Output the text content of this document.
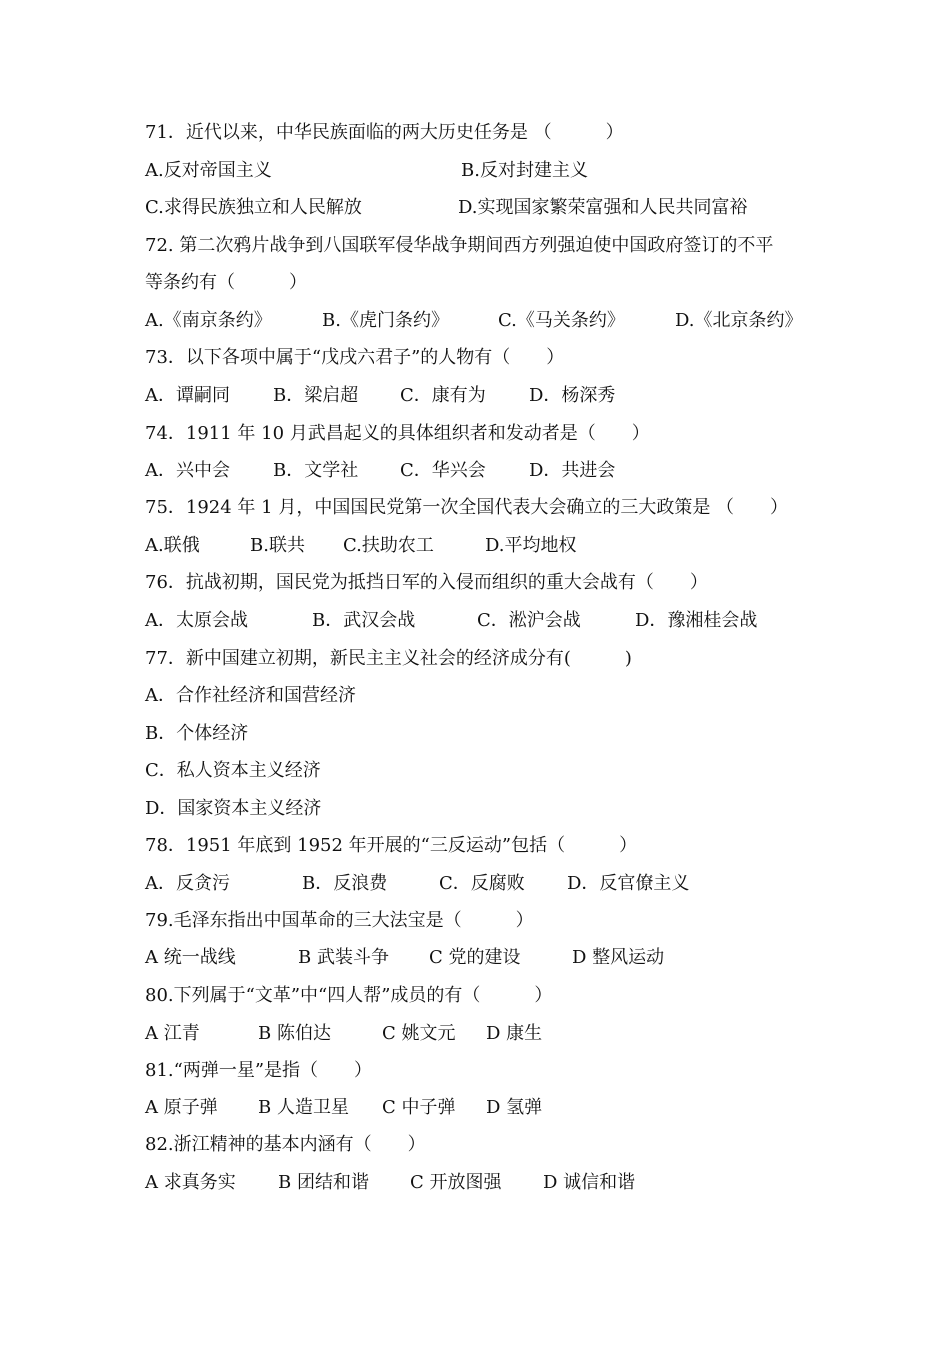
71．近代以来，中华民族面临的两大历史任务是 （　　　）
A.反对帝国主义	B.反对封建主义
C.求得民族独立和人民解放	D.实现国家繁荣富强和人民共同富裕
72. 第二次鸦片战争到八国联军侵华战争期间西方列强迫使中国政府签订的不平
等条约有（　　　）
A.《南京条约》	B.《虎门条约》	C.《马关条约》	D.《北京条约》
73．以下各项中属于“戊戌六君子”的人物有（　　）
A．谭嗣同 B．梁启超 C．康有为 D．杨深秀
74．1911 年 10 月武昌起义的具体组织者和发动者是（　　）
A．兴中会 B．文学社 C．华兴会 D．共进会
75．1924 年 1 月，中国国民党第一次全国代表大会确立的三大政策是 （　　）
A.联俄	B.联共 C.扶助农工	D.平均地权
76．抗战初期，国民党为抵挡日军的入侵而组织的重大会战有（　　）
A．太原会战	B．武汉会战	C．淞沪会战	D．豫湘桂会战
77．新中国建立初期，新民主主义社会的经济成分有(　　　)
A．合作社经济和国营经济
B．个体经济
C．私人资本主义经济
D．国家资本主义经济
78．1951 年底到 1952 年开展的“三反运动”包括（　　　）
A．反贪污	B．反浪费	C．反腐败 D．反官僚主义
79.毛泽东指出中国革命的三大法宝是（　　　）
A 统一战线	B 武装斗争 C 党的建设	D 整风运动
80.下列属于“文革”中“四人帮”成员的有（　　　）
A 江青	B 陈伯达	C 姚文元 D 康生
81.“两弹一星”是指（　　）
A 原子弹 B 人造卫星 C 中子弹 D 氢弹
82.浙江精神的基本内涵有（　　）
A 求真务实 B 团结和谐 C 开放图强 D 诚信和谐
